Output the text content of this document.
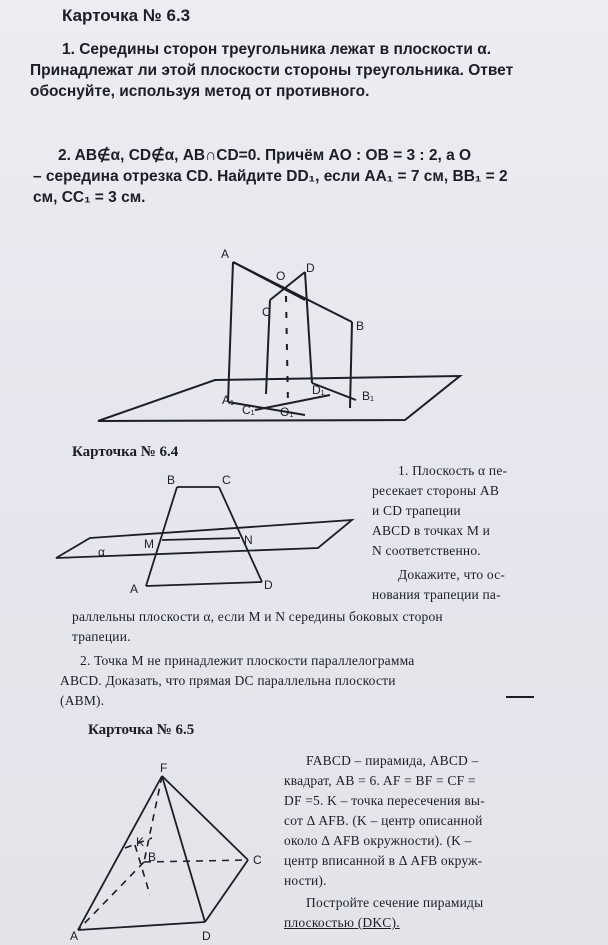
Карточка № 6.3
1. Середины сторон треугольника лежат в плоскости α.
Принадлежат ли этой плоскости стороны треугольника. Ответ
обоснуйте, используя метод от противного.
2. AB∉α, CD∉α, AB∩CD=0. Причём AO : OB = 3 : 2, а O
– середина отрезка CD. Найдите DD₁, если AA₁ = 7 см, BB₁ = 2
см, CC₁ = 3 см.
A
O
D
C
B
A₁
C₁ O₁
D₁	B₁
Карточка № 6.4
B	C
M	N
α
A	D
1. Плоскость α пе-
ресекает стороны AB
и CD трапеции
ABCD в точках M и
N соответственно.
Докажите, что ос-
нования трапеции па-
раллельны плоскости α, если M и N середины боковых сторон
трапеции.
2. Точка M не принадлежит плоскости параллелограмма
ABCD. Доказать, что прямая DC параллельна плоскости
(ABM).
Карточка № 6.5
F
K
B	C
A	D
FABCD – пирамида, ABCD –
квадрат, AB = 6. AF = BF = CF =
DF =5. K – точка пересечения вы-
сот Δ AFB. (K – центр описанной
около Δ AFB окружности). (K –
центр вписанной в Δ AFB окруж-
ности).
Постройте сечение пирамиды
плоскостью (DKC).
